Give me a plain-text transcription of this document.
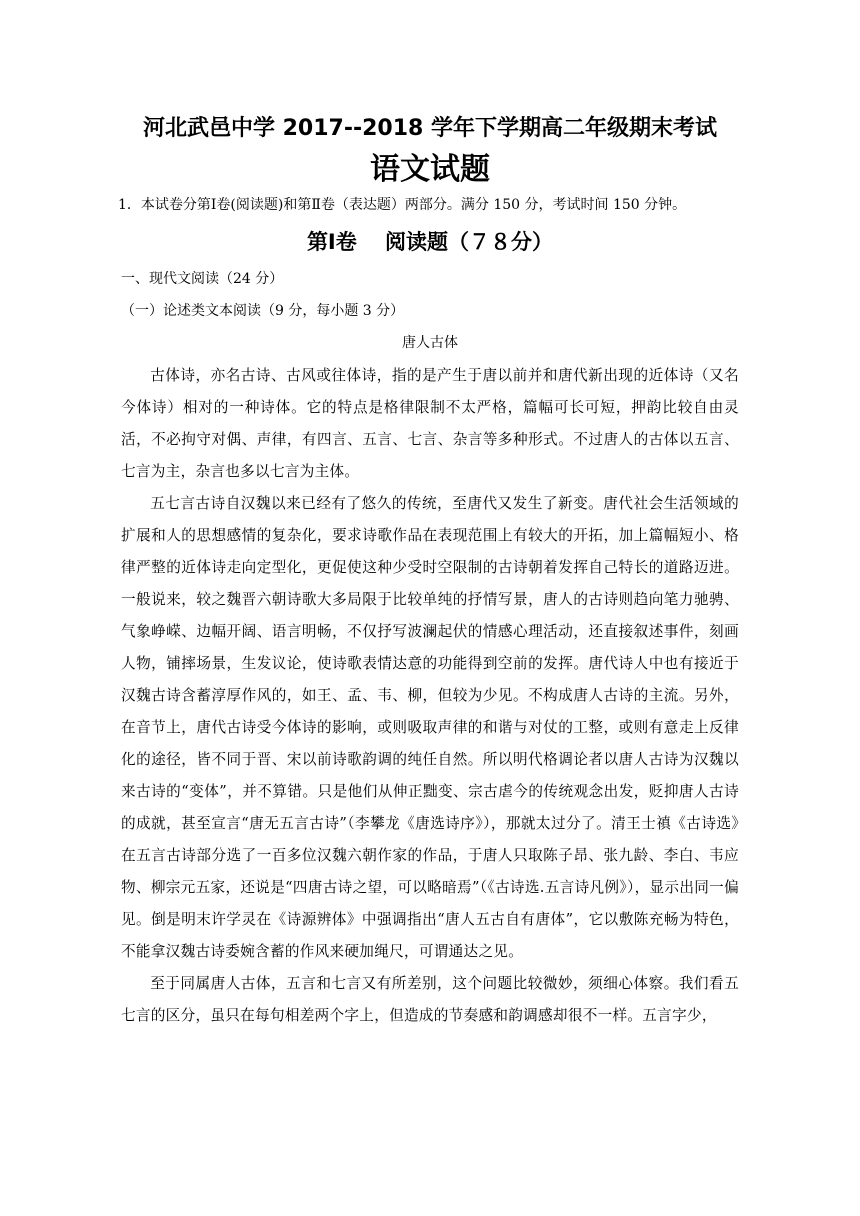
河北武邑中学 2017--2018 学年下学期高二年级期末考试
语文试题

1．本试卷分第Ⅰ卷(阅读题)和第Ⅱ卷（表达题）两部分。满分 150 分，考试时间 150 分钟。

第Ⅰ卷　 阅读题（７８分）

一、现代文阅读（24 分）

（一）论述类文本阅读（9 分，每小题 3 分）

唐人古体

古体诗，亦名古诗、古风或往体诗，指的是产生于唐以前并和唐代新出现的近体诗（又名今体诗）相对的一种诗体。它的特点是格律限制不太严格，篇幅可长可短，押韵比较自由灵活，不必拘守对偶、声律，有四言、五言、七言、杂言等多种形式。不过唐人的古体以五言、七言为主，杂言也多以七言为主体。

五七言古诗自汉魏以来已经有了悠久的传统，至唐代又发生了新变。唐代社会生活领域的扩展和人的思想感情的复杂化，要求诗歌作品在表现范围上有较大的开拓，加上篇幅短小、格律严整的近体诗走向定型化，更促使这种少受时空限制的古诗朝着发挥自己特长的道路迈进。一般说来，较之魏晋六朝诗歌大多局限于比较单纯的抒情写景，唐人的古诗则趋向笔力驰骋、气象峥嵘、边幅开阔、语言明畅，不仅抒写波澜起伏的情感心理活动，还直接叙述事件，刻画人物，铺摔场景，生发议论，使诗歌表情达意的功能得到空前的发挥。唐代诗人中也有接近于汉魏古诗含蓄淳厚作风的，如王、孟、韦、柳，但较为少见。不构成唐人古诗的主流。另外，在音节上，唐代古诗受今体诗的影响，或则吸取声律的和谐与对仗的工整，或则有意走上反律化的途径，皆不同于晋、宋以前诗歌韵调的纯任自然。所以明代格调论者以唐人古诗为汉魏以来古诗的“变体”，并不算错。只是他们从伸正黜变、宗古虐今的传统观念出发，贬抑唐人古诗的成就，甚至宣言“唐无五言古诗”（李攀龙《唐选诗序》），那就太过分了。清王士禛《古诗选》在五言古诗部分选了一百多位汉魏六朝作家的作品，于唐人只取陈子昂、张九龄、李白、韦应物、柳宗元五家，还说是“四唐古诗之望，可以略暗焉”（《古诗选.五言诗凡例》），显示出同一偏见。倒是明末许学灵在《诗源辨体》中强调指出“唐人五古自有唐体”，它以敷陈充畅为特色，不能拿汉魏古诗委婉含蓄的作风来硬加绳尺，可谓通达之见。

至于同属唐人古体，五言和七言又有所差别，这个问题比较微妙，须细心体察。我们看五七言的区分，虽只在每句相差两个字上，但造成的节奏感和韵调感却很不一样。五言字少，
